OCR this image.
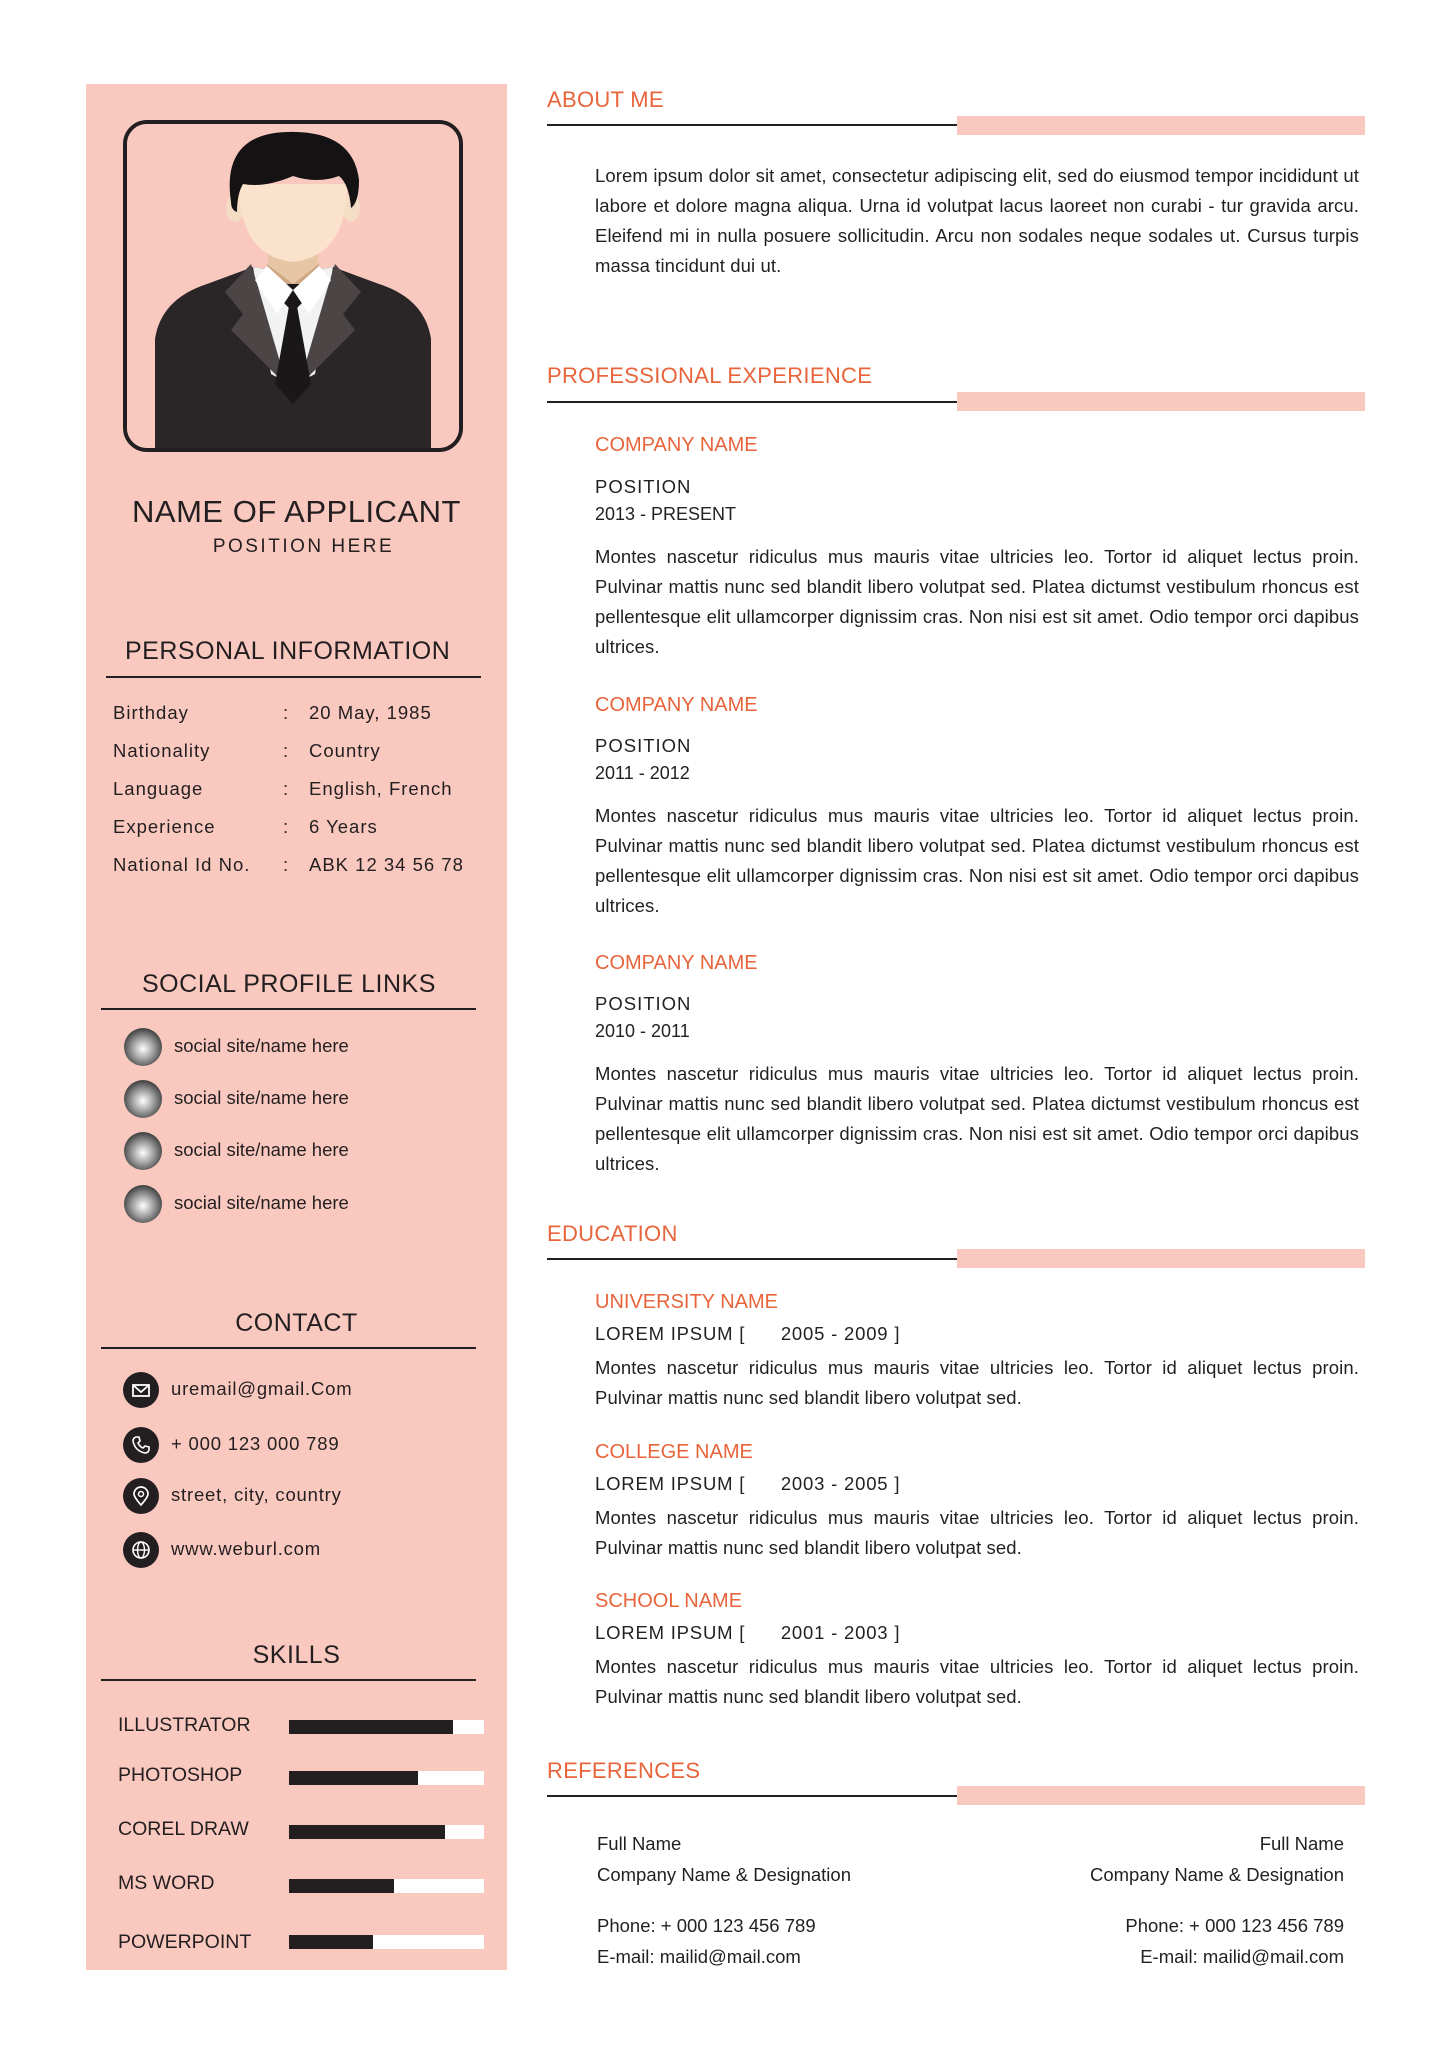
NAME OF APPLICANT
POSITION HERE
PERSONAL INFORMATION
Birthday	: 20 May, 1985
Nationality	: Country
Language	: English, French
Experience	: 6 Years
National Id No. : ABK 12 34 56 78
SOCIAL PROFILE LINKS
social site/name here
social site/name here
social site/name here
social site/name here
CONTACT
uremail@gmail.Com
+ 000 123 000 789
street, city, country
www.weburl.com
SKILLS
ILLUSTRATOR
PHOTOSHOP
COREL DRAW
MS WORD
POWERPOINT
ABOUT ME
Lorem ipsum dolor sit amet, consectetur adipiscing elit, sed do eiusmod tempor incididunt ut labore et dolore magna aliqua. Urna id volutpat lacus laoreet non curabi - tur gravida arcu. Eleifend mi in nulla posuere sollicitudin. Arcu non sodales neque sodales ut. Cursus turpis massa tincidunt dui ut.
PROFESSIONAL EXPERIENCE
COMPANY NAME
POSITION
2013 - PRESENT
Montes nascetur ridiculus mus mauris vitae ultricies leo. Tortor id aliquet lectus proin. Pulvinar mattis nunc sed blandit libero volutpat sed. Platea dictumst vestibulum rhoncus est pellentesque elit ullamcorper dignissim cras. Non nisi est sit amet. Odio tempor orci dapibus ultrices.
COMPANY NAME
POSITION
2011 - 2012
Montes nascetur ridiculus mus mauris vitae ultricies leo. Tortor id aliquet lectus proin. Pulvinar mattis nunc sed blandit libero volutpat sed. Platea dictumst vestibulum rhoncus est pellentesque elit ullamcorper dignissim cras. Non nisi est sit amet. Odio tempor orci dapibus ultrices.
COMPANY NAME
POSITION
2010 - 2011
Montes nascetur ridiculus mus mauris vitae ultricies leo. Tortor id aliquet lectus proin. Pulvinar mattis nunc sed blandit libero volutpat sed. Platea dictumst vestibulum rhoncus est pellentesque elit ullamcorper dignissim cras. Non nisi est sit amet. Odio tempor orci dapibus ultrices.
EDUCATION
UNIVERSITY NAME
LOREM IPSUM [      2005 - 2009 ]
Montes nascetur ridiculus mus mauris vitae ultricies leo. Tortor id aliquet lectus proin. Pulvinar mattis nunc sed blandit libero volutpat sed.
COLLEGE NAME
LOREM IPSUM [      2003 - 2005 ]
Montes nascetur ridiculus mus mauris vitae ultricies leo. Tortor id aliquet lectus proin. Pulvinar mattis nunc sed blandit libero volutpat sed.
SCHOOL NAME
LOREM IPSUM [      2001 - 2003 ]
Montes nascetur ridiculus mus mauris vitae ultricies leo. Tortor id aliquet lectus proin. Pulvinar mattis nunc sed blandit libero volutpat sed.
REFERENCES
Full Name
Company Name & Designation
Phone: + 000 123 456 789
E-mail: mailid@mail.com
Full Name
Company Name & Designation
Phone: + 000 123 456 789
E-mail: mailid@mail.com
